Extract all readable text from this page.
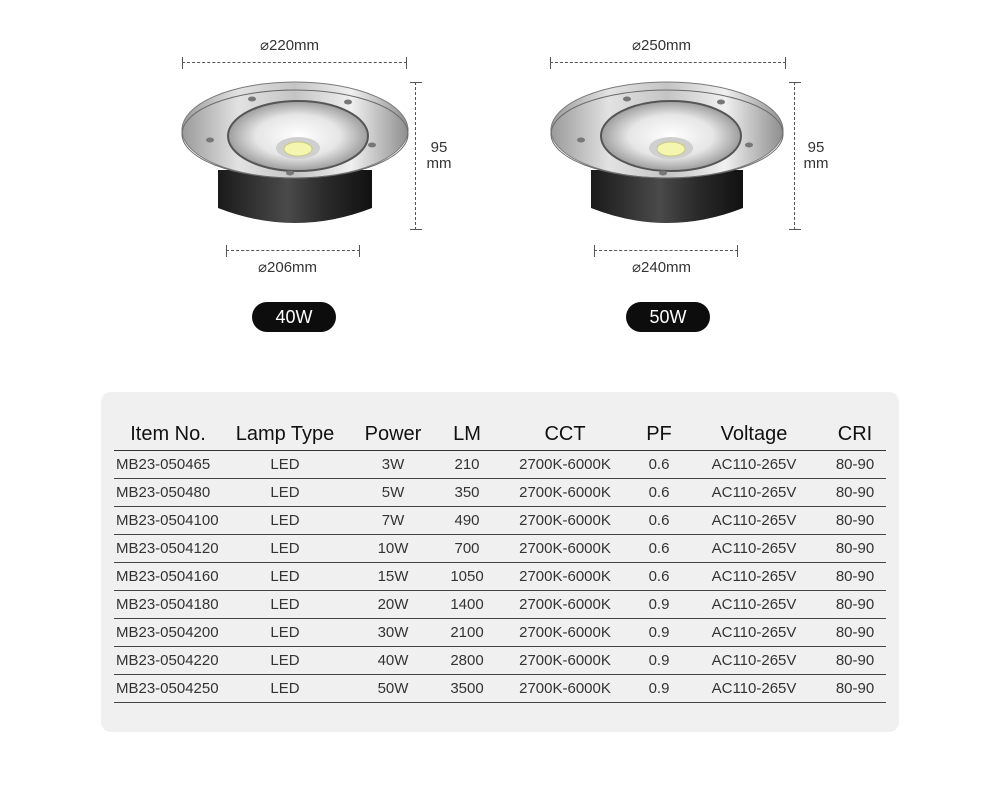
⌀220mm
95
mm
⌀206mm
40W
⌀250mm
95
mm
⌀240mm
50W
Item No.	Lamp Type	Power	LM	CCT	PF	Voltage	CRI
MB23-050465	LED	3W	210	2700K-6000K	0.6	AC110-265V	80-90
MB23-050480	LED	5W	350	2700K-6000K	0.6	AC110-265V	80-90
MB23-0504100	LED	7W	490	2700K-6000K	0.6	AC110-265V	80-90
MB23-0504120	LED	10W	700	2700K-6000K	0.6	AC110-265V	80-90
MB23-0504160	LED	15W	1050	2700K-6000K	0.6	AC110-265V	80-90
MB23-0504180	LED	20W	1400	2700K-6000K	0.9	AC110-265V	80-90
MB23-0504200	LED	30W	2100	2700K-6000K	0.9	AC110-265V	80-90
MB23-0504220	LED	40W	2800	2700K-6000K	0.9	AC110-265V	80-90
MB23-0504250	LED	50W	3500	2700K-6000K	0.9	AC110-265V	80-90
